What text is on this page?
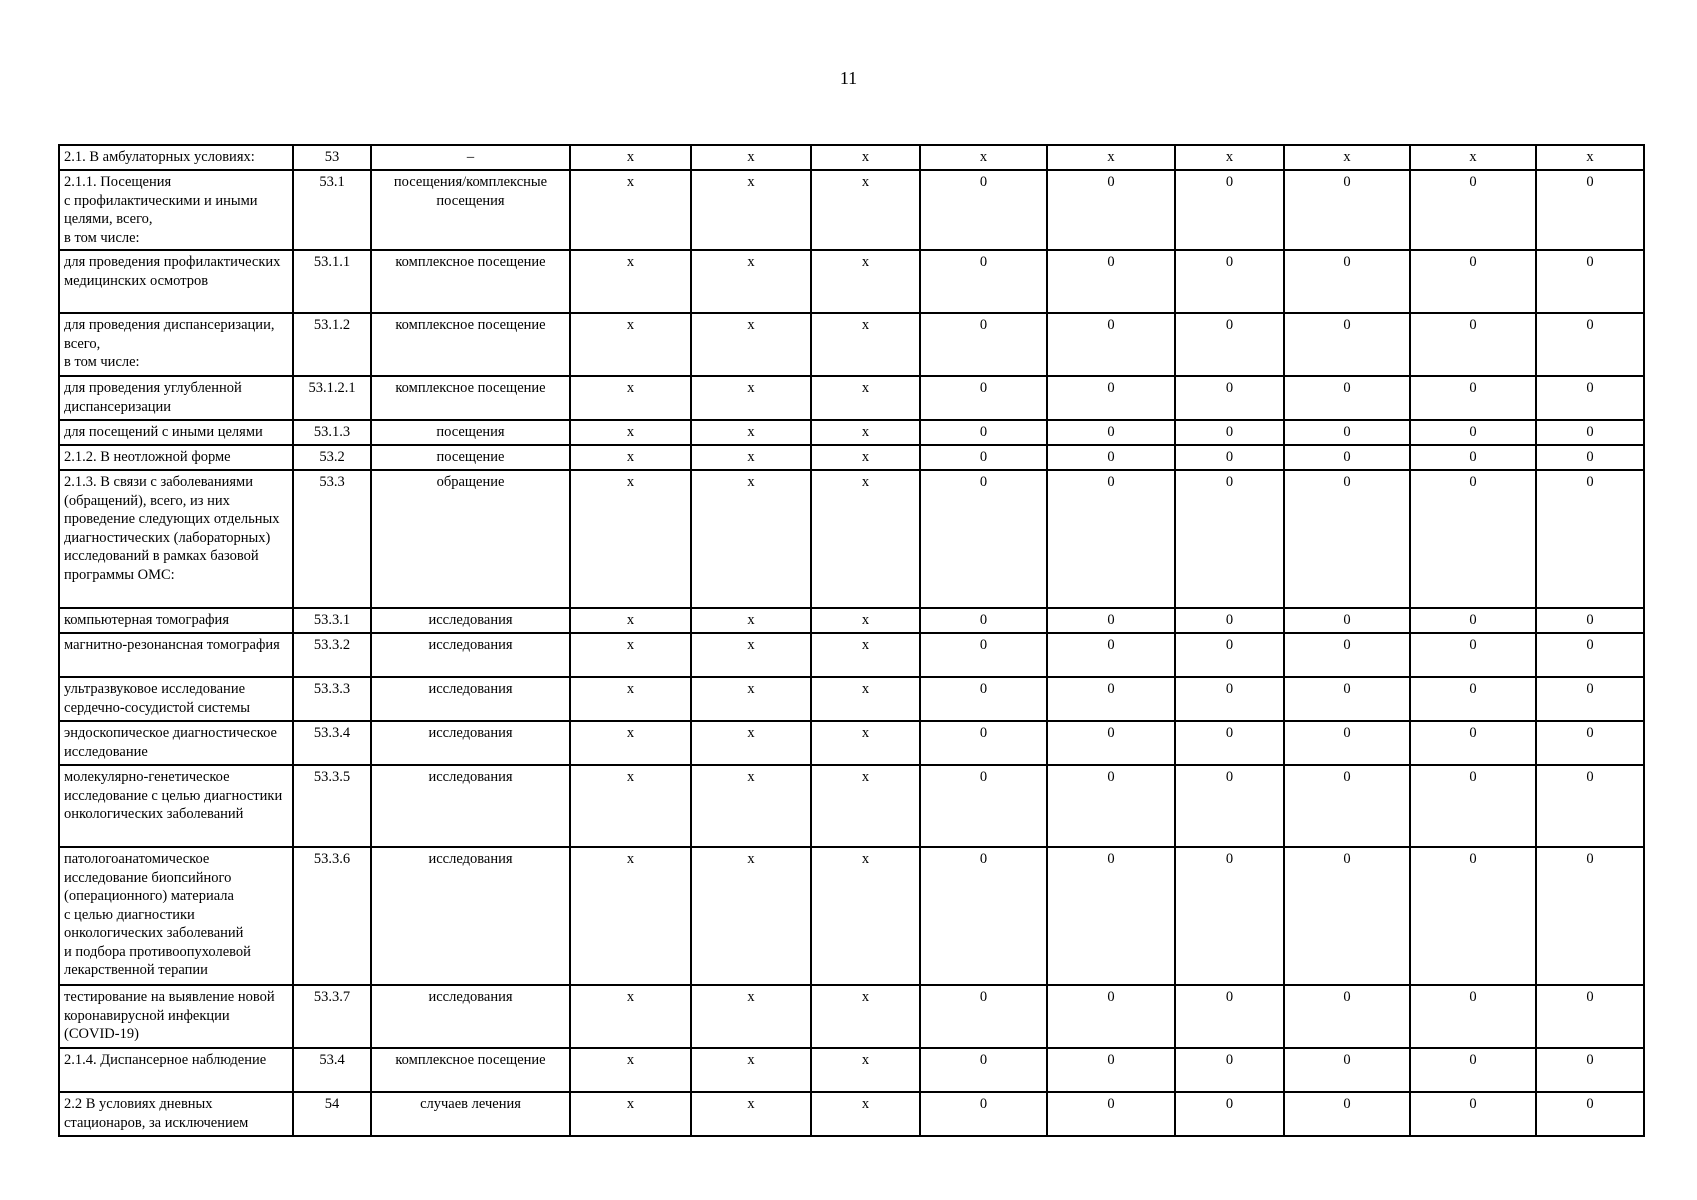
11
2.1. В амбулаторных условиях:	53	–	х	х	х	х	х	х	х	х	х
2.1.1. Посещения
с профилактическими и иными целями, всего,
в том числе:	53.1	посещения/комплексные посещения	х	х	х	0	0	0	0	0	0
для проведения профилактических медицинских осмотров	53.1.1	комплексное посещение	х	х	х	0	0	0	0	0	0
для проведения диспансеризации, всего,
в том числе:	53.1.2	комплексное посещение	х	х	х	0	0	0	0	0	0
для проведения углубленной диспансеризации	53.1.2.1	комплексное посещение	х	х	х	0	0	0	0	0	0
для посещений с иными целями	53.1.3	посещения	х	х	х	0	0	0	0	0	0
2.1.2. В неотложной форме	53.2	посещение	х	х	х	0	0	0	0	0	0
2.1.3. В связи с заболеваниями (обращений), всего, из них проведение следующих отдельных диагностических (лабораторных) исследований в рамках базовой программы ОМС:	53.3	обращение	х	х	х	0	0	0	0	0	0
компьютерная томография	53.3.1	исследования	х	х	х	0	0	0	0	0	0
магнитно-резонансная томография	53.3.2	исследования	х	х	х	0	0	0	0	0	0
ультразвуковое исследование сердечно-сосудистой системы	53.3.3	исследования	х	х	х	0	0	0	0	0	0
эндоскопическое диагностическое исследование	53.3.4	исследования	х	х	х	0	0	0	0	0	0
молекулярно-генетическое исследование с целью диагностики онкологических заболеваний	53.3.5	исследования	х	х	х	0	0	0	0	0	0
патологоанатомическое исследование биопсийного (операционного) материала
с целью диагностики онкологических заболеваний
и подбора противоопухолевой лекарственной терапии	53.3.6	исследования	х	х	х	0	0	0	0	0	0
тестирование на выявление новой коронавирусной инфекции (COVID-19)	53.3.7	исследования	х	х	х	0	0	0	0	0	0
2.1.4. Диспансерное наблюдение	53.4	комплексное посещение	х	х	х	0	0	0	0	0	0
2.2 В условиях дневных стационаров, за исключением	54	случаев лечения	х	х	х	0	0	0	0	0	0
